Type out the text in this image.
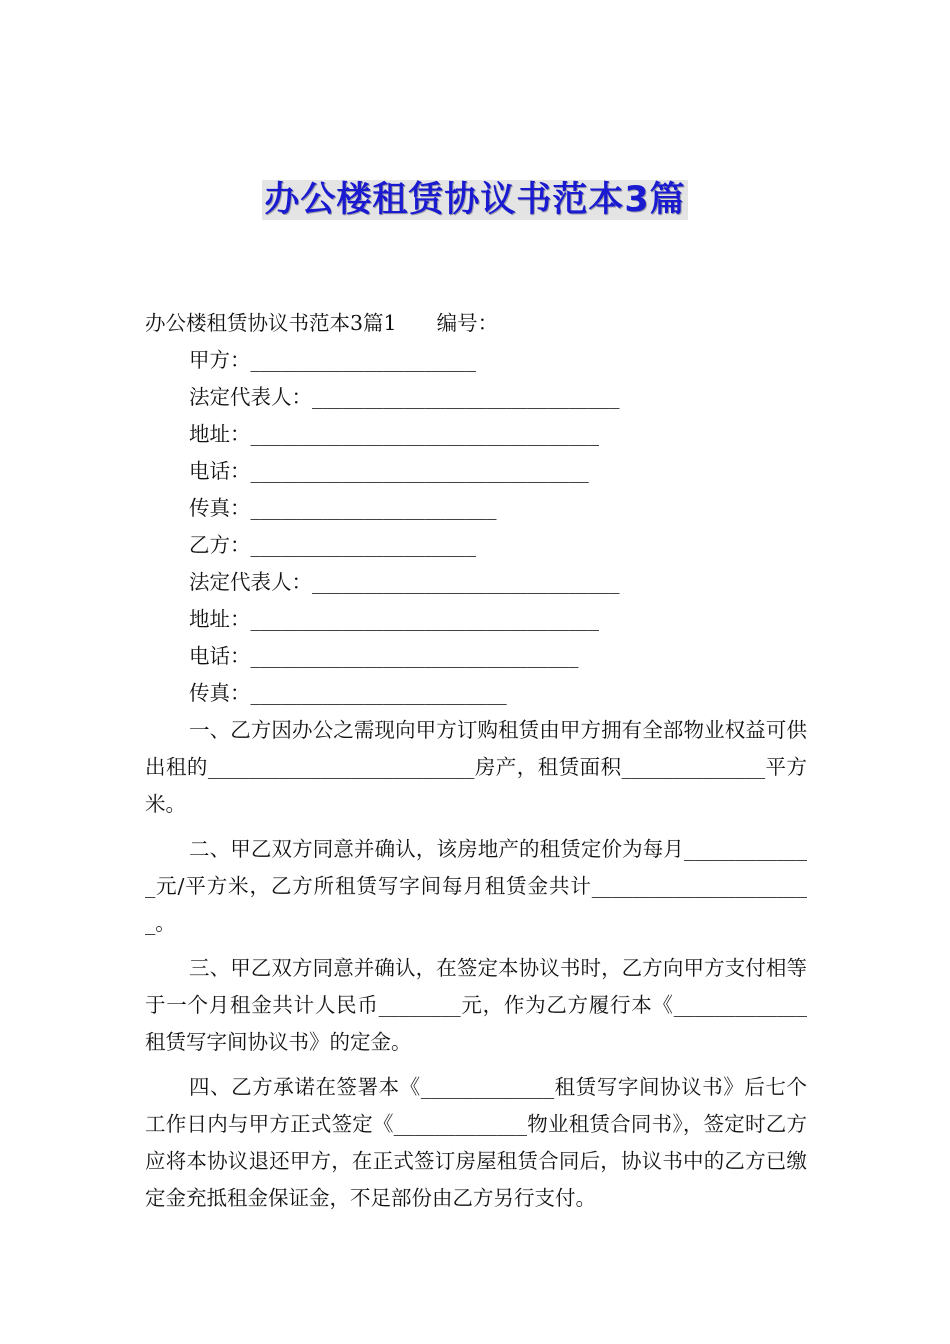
办公楼租赁协议书范本3篇
办公楼租赁协议书范本3篇1 编号：
甲方：______________________
法定代表人：______________________________
地址：__________________________________
电话：_________________________________
传真：________________________
乙方：______________________
法定代表人：______________________________
地址：__________________________________
电话：________________________________
传真：_________________________

一、乙方因办公之需现向甲方订购租赁由甲方拥有全部物业权益可供出租的__________________________房产，租赁面积______________平方米。

二、甲乙双方同意并确认，该房地产的租赁定价为每月_____________元/平方米，乙方所租赁写字间每月租赁金共计______________________。

三、甲乙双方同意并确认，在签定本协议书时，乙方向甲方支付相等于一个月租金共计人民币________元，作为乙方履行本《_____________租赁写字间协议书》的定金。

四、乙方承诺在签署本《_____________租赁写字间协议书》后七个工作日内与甲方正式签定《_____________物业租赁合同书》，签定时乙方应将本协议退还甲方，在正式签订房屋租赁合同后，协议书中的乙方已缴定金充抵租金保证金，不足部份由乙方另行支付。
